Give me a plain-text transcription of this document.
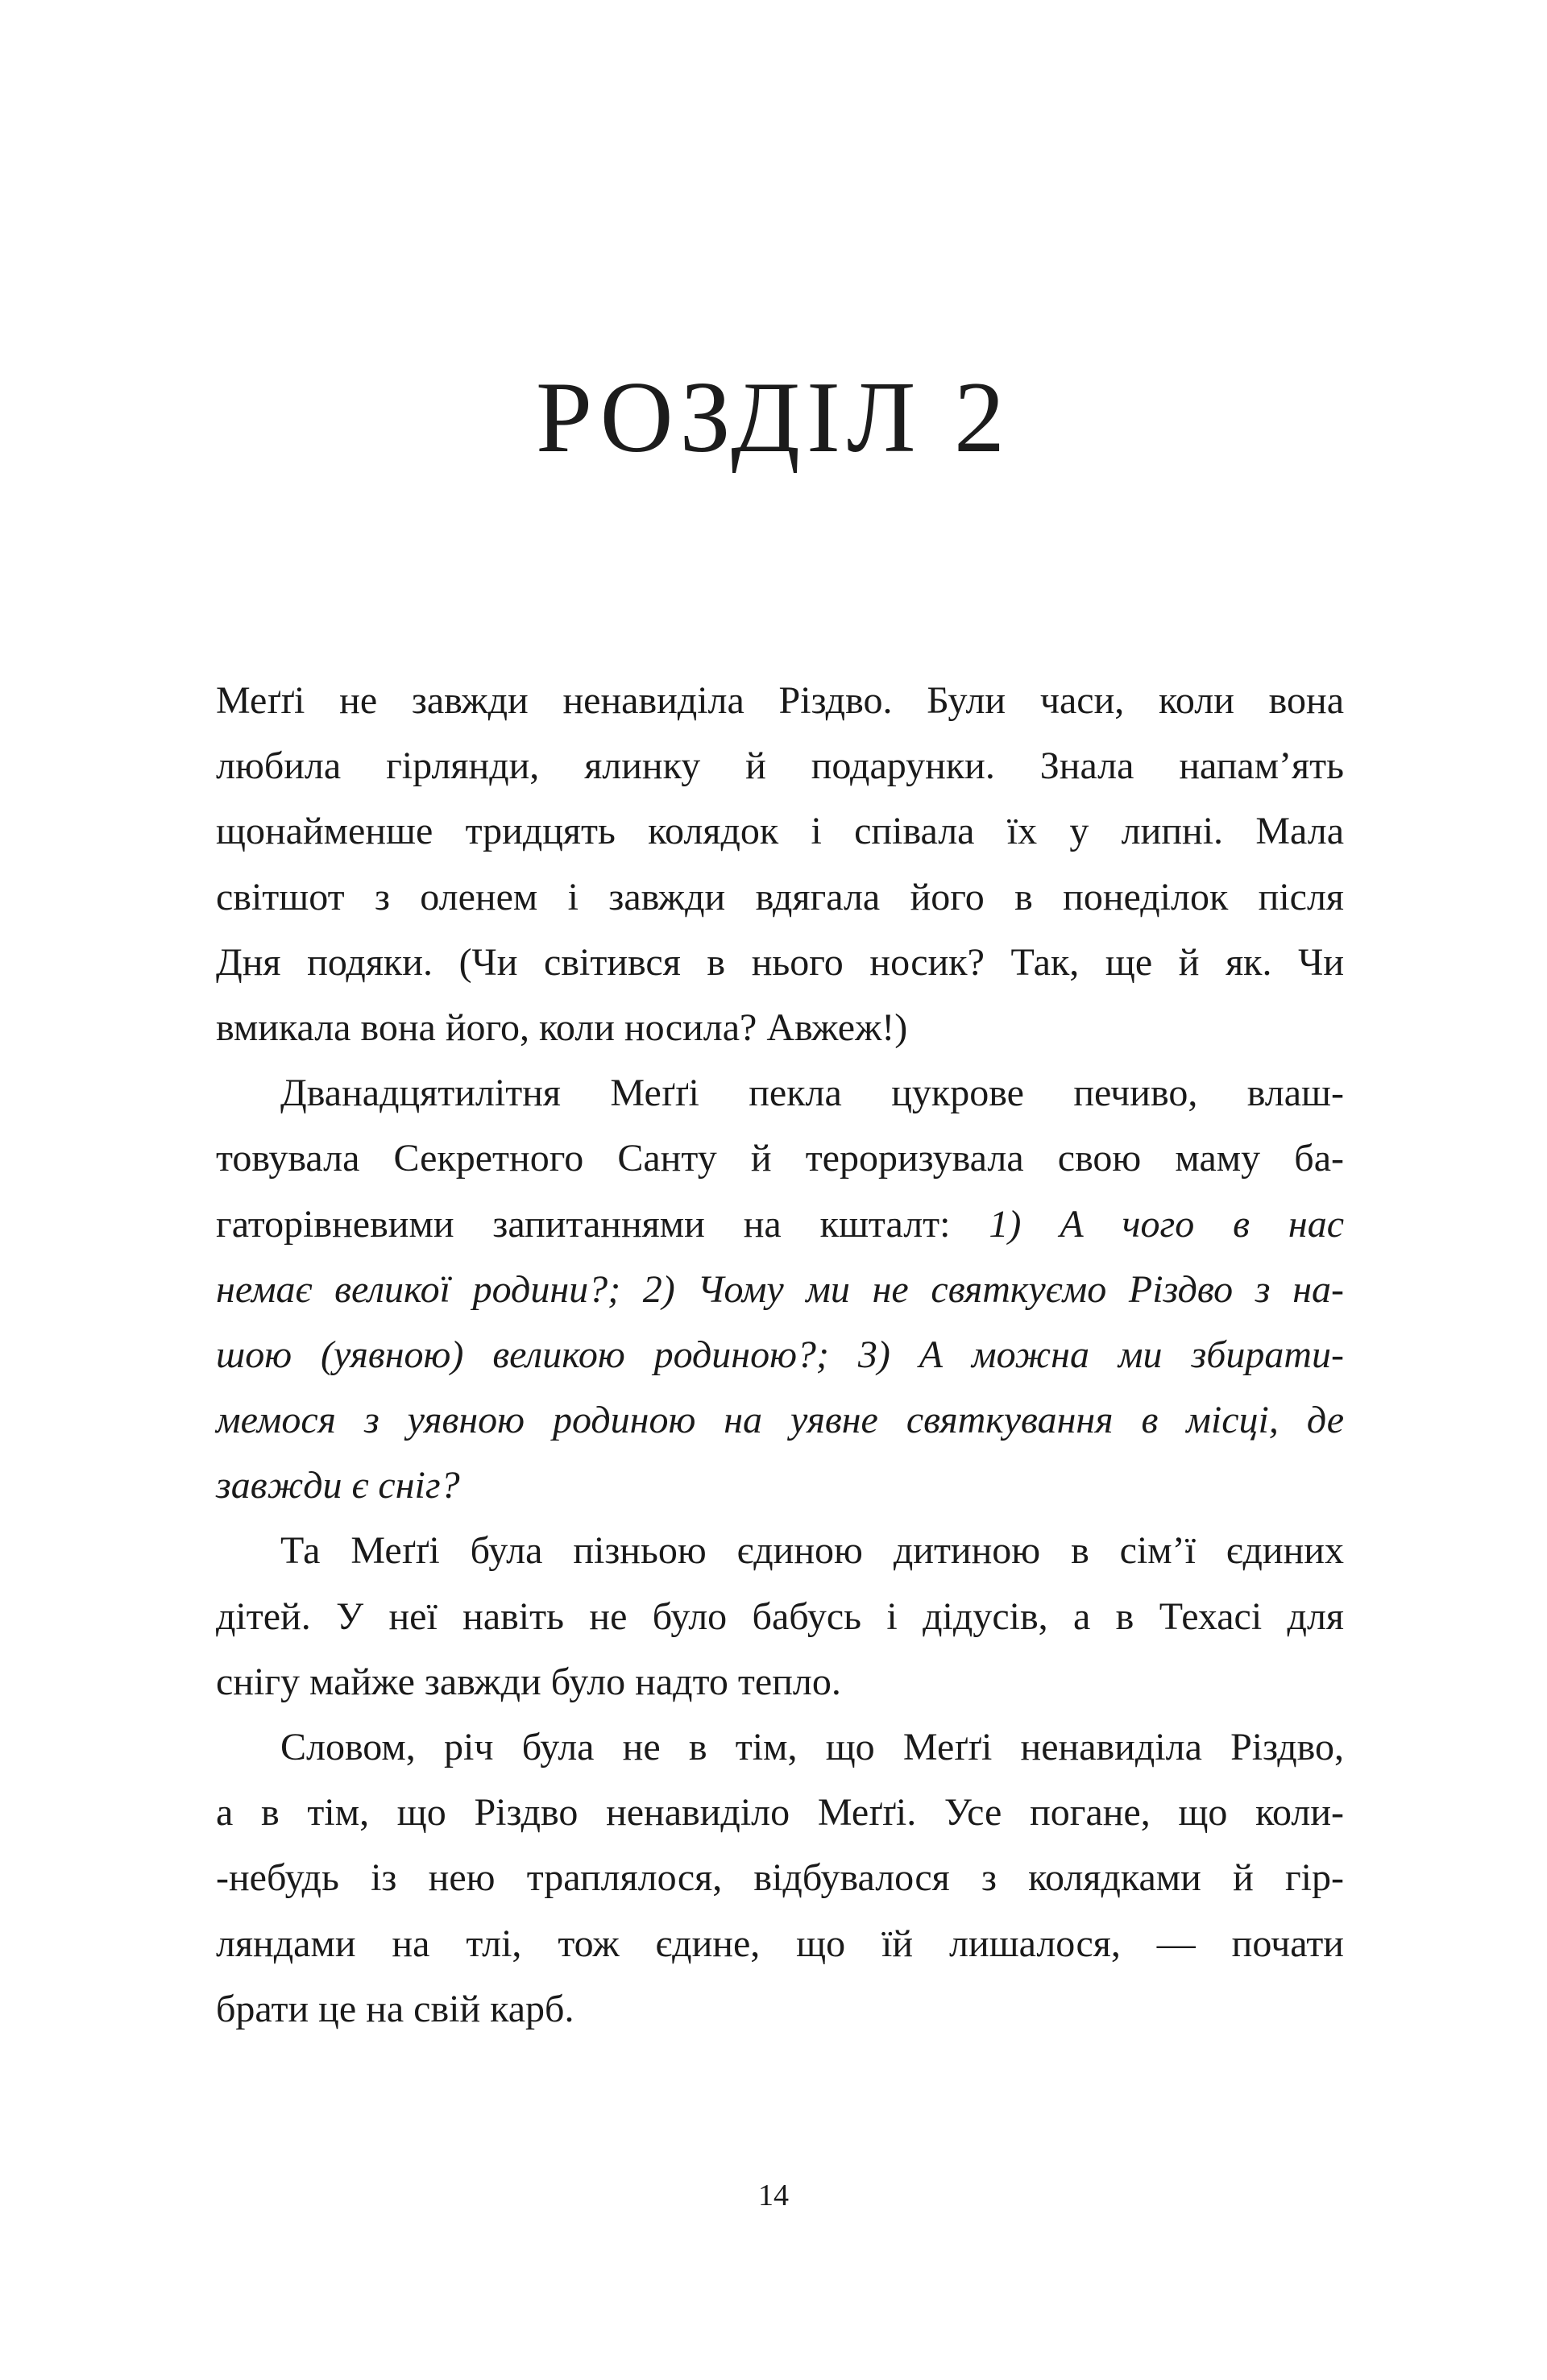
РОЗДІЛ 2
Меґґі не завжди ненавиділа Різдво. Були часи, коли вона
любила гірлянди, ялинку й подарунки. Знала напам’ять
щонайменше тридцять колядок і співала їх у липні. Мала
світшот з оленем і завжди вдягала його в понеділок після
Дня подяки. (Чи світився в нього носик? Так, ще й як. Чи
вмикала вона його, коли носила? Авжеж!)
Дванадцятилітня Меґґі пекла цукрове печиво, влаш-
товувала Секретного Санту й тероризувала свою маму ба-
гаторівневими запитаннями на кшталт: 1) А чого в нас
немає великої родини?; 2) Чому ми не святкуємо Різдво з на-
шою (уявною) великою родиною?; 3) А можна ми збирати-
мемося з уявною родиною на уявне святкування в місці, де
завжди є сніг?
Та Меґґі була пізньою єдиною дитиною в сім’ї єдиних
дітей. У неї навіть не було бабусь і дідусів, а в Техасі для
снігу майже завжди було надто тепло.
Словом, річ була не в тім, що Меґґі ненавиділа Різдво,
а в тім, що Різдво ненавиділо Меґґі. Усе погане, що коли-
-небудь із нею траплялося, відбувалося з колядками й гір-
ляндами на тлі, тож єдине, що їй лишалося, — почати
брати це на свій карб.
14
